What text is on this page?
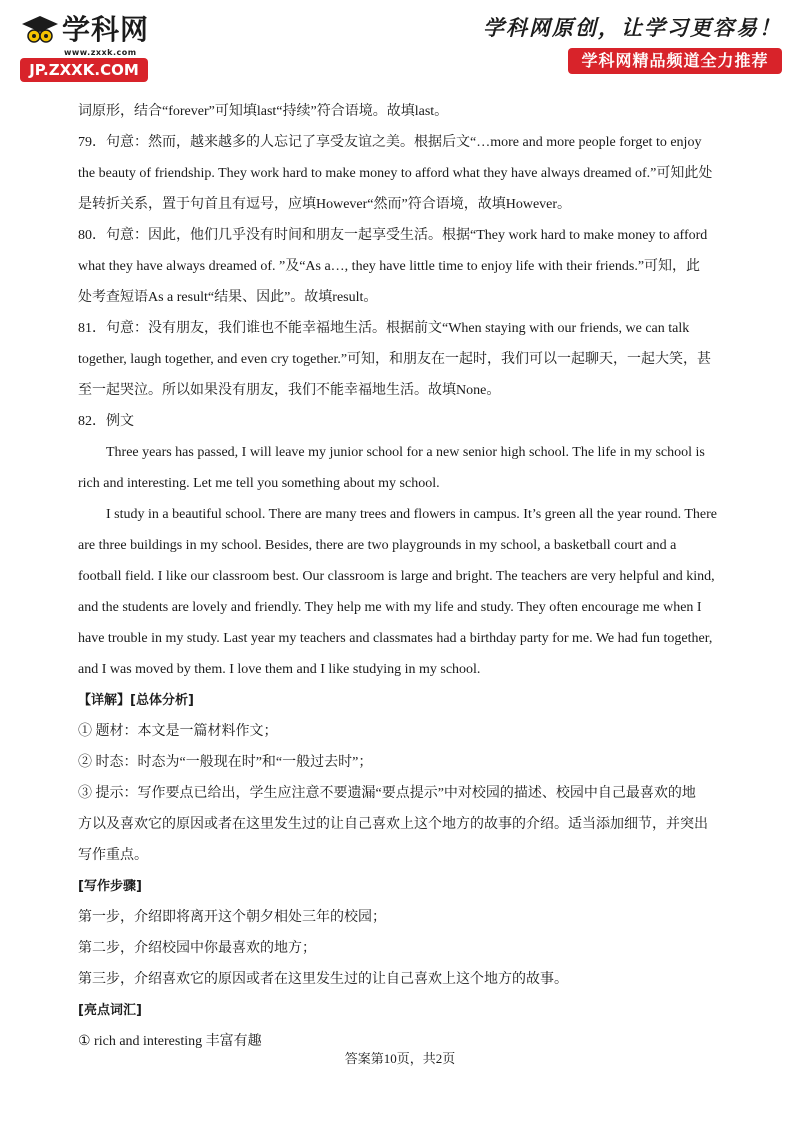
学科网
www.zxxk.com
JP.ZXXK.COM
学科网原创，让学习更容易！
学科网精品频道全力推荐
词原形，结合“forever”可知填last“持续”符合语境。故填last。
79．句意：然而，越来越多的人忘记了享受友谊之美。根据后文“…more and more people forget to enjoy
the beauty of friendship. They work hard to make money to afford what they have always dreamed of.”可知此处
是转折关系，置于句首且有逗号，应填However“然而”符合语境，故填However。
80．句意：因此，他们几乎没有时间和朋友一起享受生活。根据“They work hard to make money to afford
what they have always dreamed of. ”及“As a…, they have little time to enjoy life with their friends.”可知，此
处考查短语As a result“结果、因此”。故填result。
81．句意：没有朋友，我们谁也不能幸福地生活。根据前文“When staying with our friends, we can talk
together, laugh together, and even cry together.”可知，和朋友在一起时，我们可以一起聊天，一起大笑，甚
至一起哭泣。所以如果没有朋友，我们不能幸福地生活。故填None。
82．例文
Three years has passed, I will leave my junior school for a new senior high school. The life in my school is
rich and interesting. Let me tell you something about my school.
I study in a beautiful school. There are many trees and flowers in campus. It’s green all the year round. There
are three buildings in my school. Besides, there are two playgrounds in my school, a basketball court and a
football field. I like our classroom best. Our classroom is large and bright. The teachers are very helpful and kind,
and the students are lovely and friendly. They help me with my life and study. They often encourage me when I
have trouble in my study. Last year my teachers and classmates had a birthday party for me. We had fun together,
and I was moved by them. I love them and I like studying in my school.
【详解】[总体分析]
① 题材：本文是一篇材料作文；
② 时态：时态为“一般现在时”和“一般过去时”；
③ 提示：写作要点已给出，学生应注意不要遗漏“要点提示”中对校园的描述、校园中自己最喜欢的地
方以及喜欢它的原因或者在这里发生过的让自己喜欢上这个地方的故事的介绍。适当添加细节，并突出
写作重点。
[写作步骤]
第一步，介绍即将离开这个朝夕相处三年的校园；
第二步，介绍校园中你最喜欢的地方；
第三步，介绍喜欢它的原因或者在这里发生过的让自己喜欢上这个地方的故事。
[亮点词汇]
① rich and interesting 丰富有趣
答案第10页，共2页
